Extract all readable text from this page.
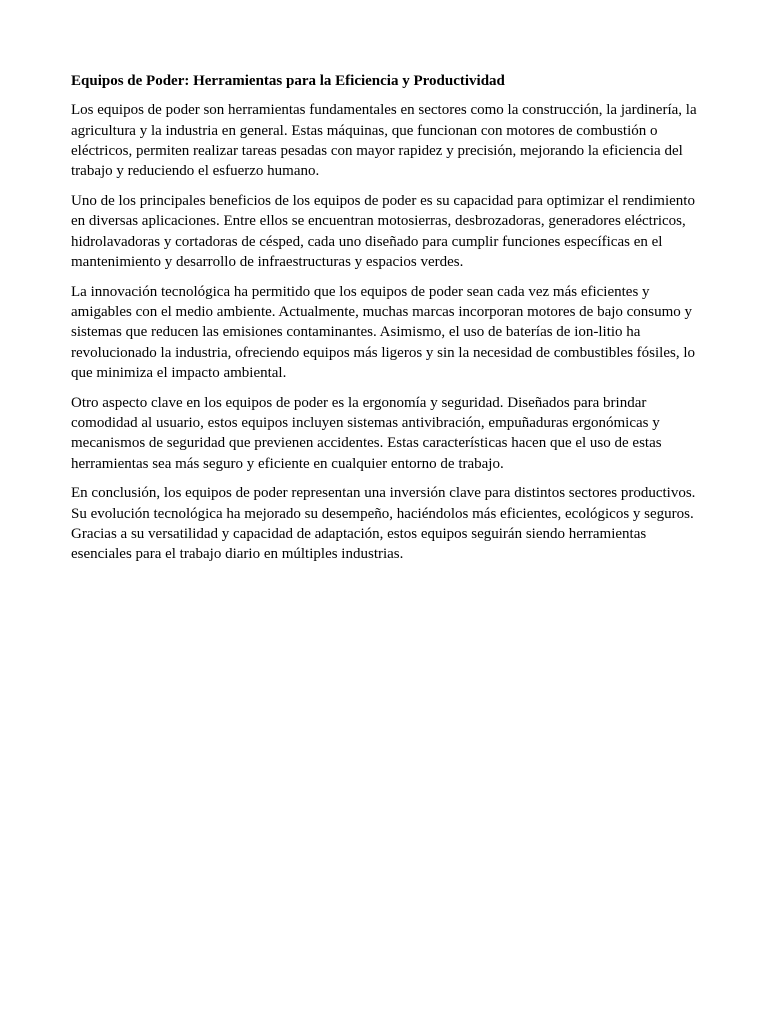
Equipos de Poder: Herramientas para la Eficiencia y Productividad

Los equipos de poder son herramientas fundamentales en sectores como la construcción, la jardinería, la agricultura y la industria en general. Estas máquinas, que funcionan con motores de combustión o eléctricos, permiten realizar tareas pesadas con mayor rapidez y precisión, mejorando la eficiencia del trabajo y reduciendo el esfuerzo humano.

Uno de los principales beneficios de los equipos de poder es su capacidad para optimizar el rendimiento en diversas aplicaciones. Entre ellos se encuentran motosierras, desbrozadoras, generadores eléctricos, hidrolavadoras y cortadoras de césped, cada uno diseñado para cumplir funciones específicas en el mantenimiento y desarrollo de infraestructuras y espacios verdes.

La innovación tecnológica ha permitido que los equipos de poder sean cada vez más eficientes y amigables con el medio ambiente. Actualmente, muchas marcas incorporan motores de bajo consumo y sistemas que reducen las emisiones contaminantes. Asimismo, el uso de baterías de ion-litio ha revolucionado la industria, ofreciendo equipos más ligeros y sin la necesidad de combustibles fósiles, lo que minimiza el impacto ambiental.

Otro aspecto clave en los equipos de poder es la ergonomía y seguridad. Diseñados para brindar comodidad al usuario, estos equipos incluyen sistemas antivibración, empuñaduras ergonómicas y mecanismos de seguridad que previenen accidentes. Estas características hacen que el uso de estas herramientas sea más seguro y eficiente en cualquier entorno de trabajo.

En conclusión, los equipos de poder representan una inversión clave para distintos sectores productivos. Su evolución tecnológica ha mejorado su desempeño, haciéndolos más eficientes, ecológicos y seguros. Gracias a su versatilidad y capacidad de adaptación, estos equipos seguirán siendo herramientas esenciales para el trabajo diario en múltiples industrias.
